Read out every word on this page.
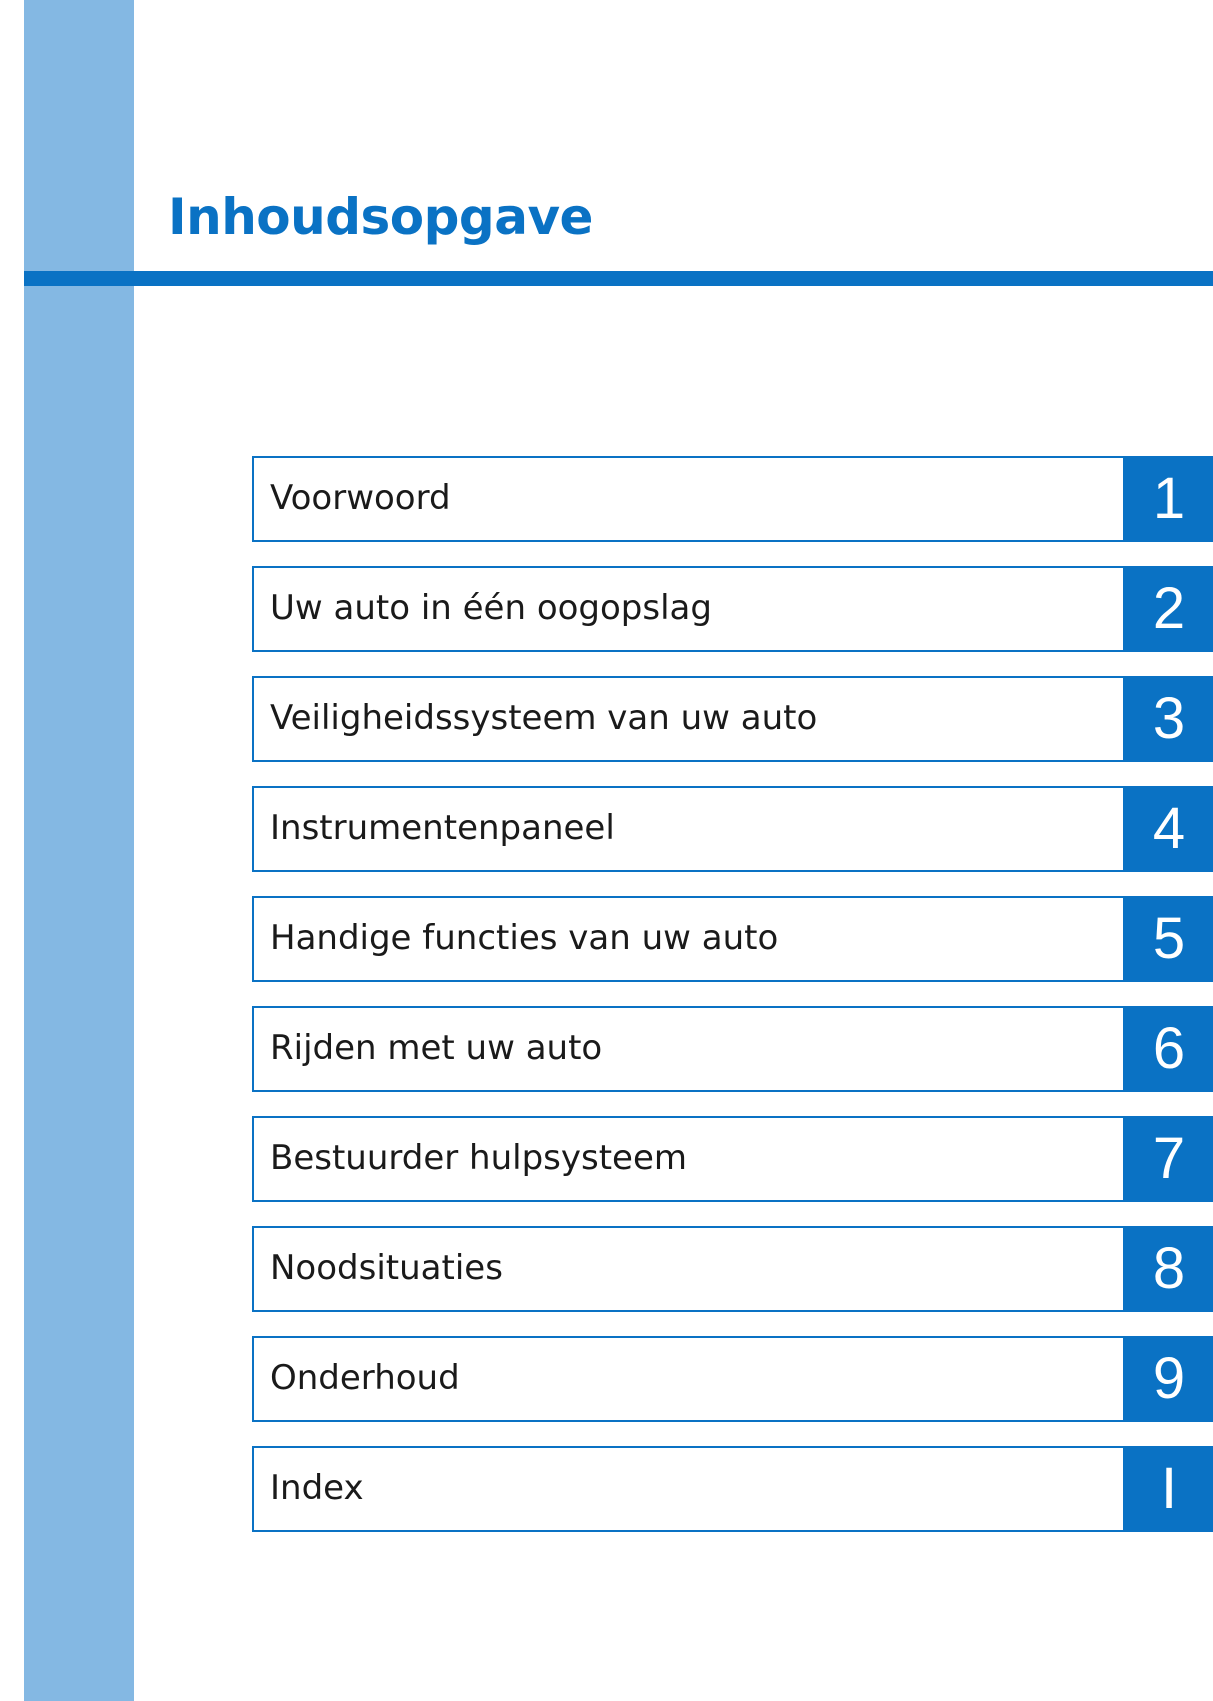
Inhoudsopgave
Voorwoord	1
Uw auto in één oogopslag	2
Veiligheidssysteem van uw auto	3
Instrumentenpaneel	4
Handige functies van uw auto	5
Rijden met uw auto	6
Bestuurder hulpsysteem	7
Noodsituaties	8
Onderhoud	9
Index	I
